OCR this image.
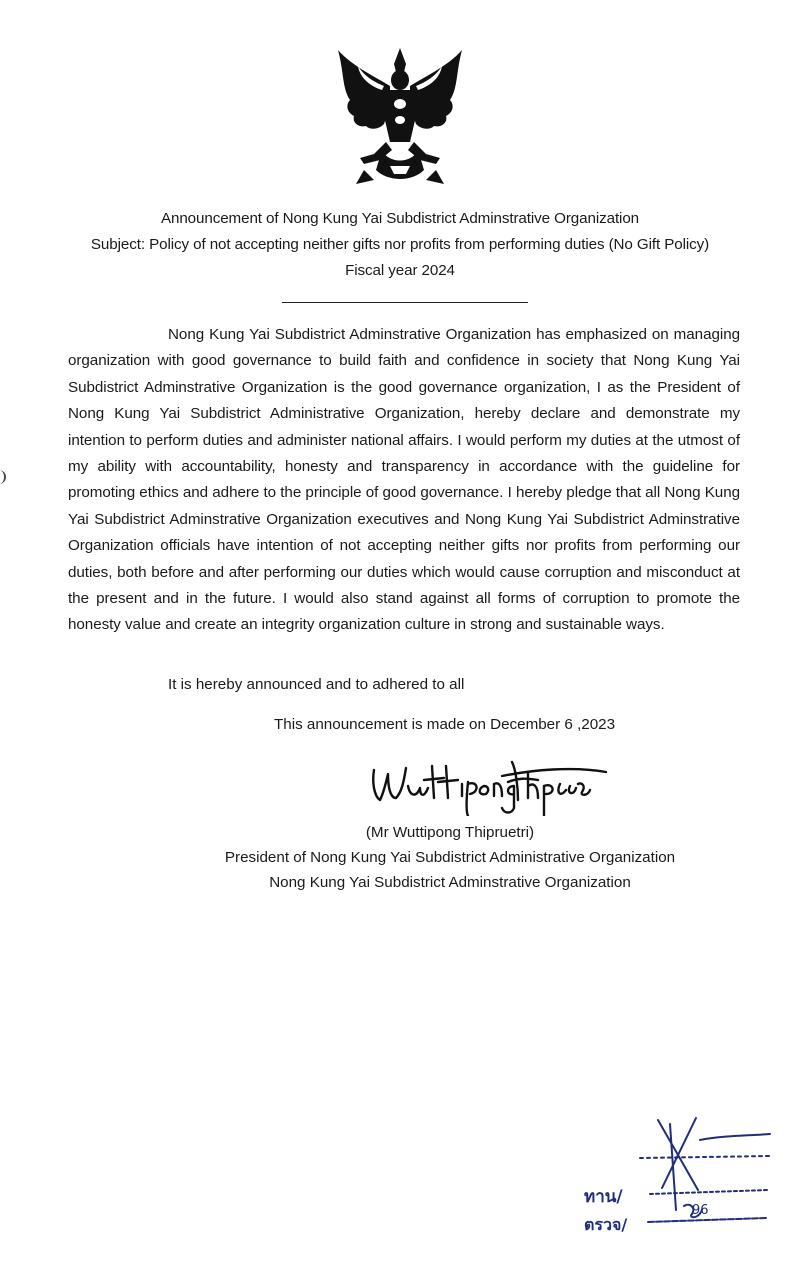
Announcement of Nong Kung Yai Subdistrict Adminstrative Organization
Subject: Policy of not accepting neither gifts nor profits from performing duties (No Gift Policy)
Fiscal year 2024

Nong Kung Yai Subdistrict Adminstrative Organization has emphasized on managing organization with good governance to build faith and confidence in society that Nong Kung Yai Subdistrict Adminstrative Organization is the good governance organization, I as the President of Nong Kung Yai Subdistrict Administrative Organization, hereby declare and demonstrate my intention to perform duties and administer national affairs. I would perform my duties at the utmost of my ability with accountability, honesty and transparency in accordance with the guideline for promoting ethics and adhere to the principle of good governance. I hereby pledge that all Nong Kung Yai Subdistrict Adminstrative Organization executives and Nong Kung Yai Subdistrict Adminstrative Organization officials have intention of not accepting neither gifts nor profits from performing our duties, both before and after performing our duties which would cause corruption and misconduct at the present and in the future. I would also stand against all forms of corruption to promote the honesty value and create an integrity organization culture in strong and sustainable ways.

It is hereby announced and to adhered to all
This announcement is made on December 6 ,2023
(Mr Wuttipong Thipruetri)
President of Nong Kung Yai Subdistrict Administrative Organization
Nong Kung Yai Subdistrict Adminstrative Organization
ทาน/
ตรวจ/
96
